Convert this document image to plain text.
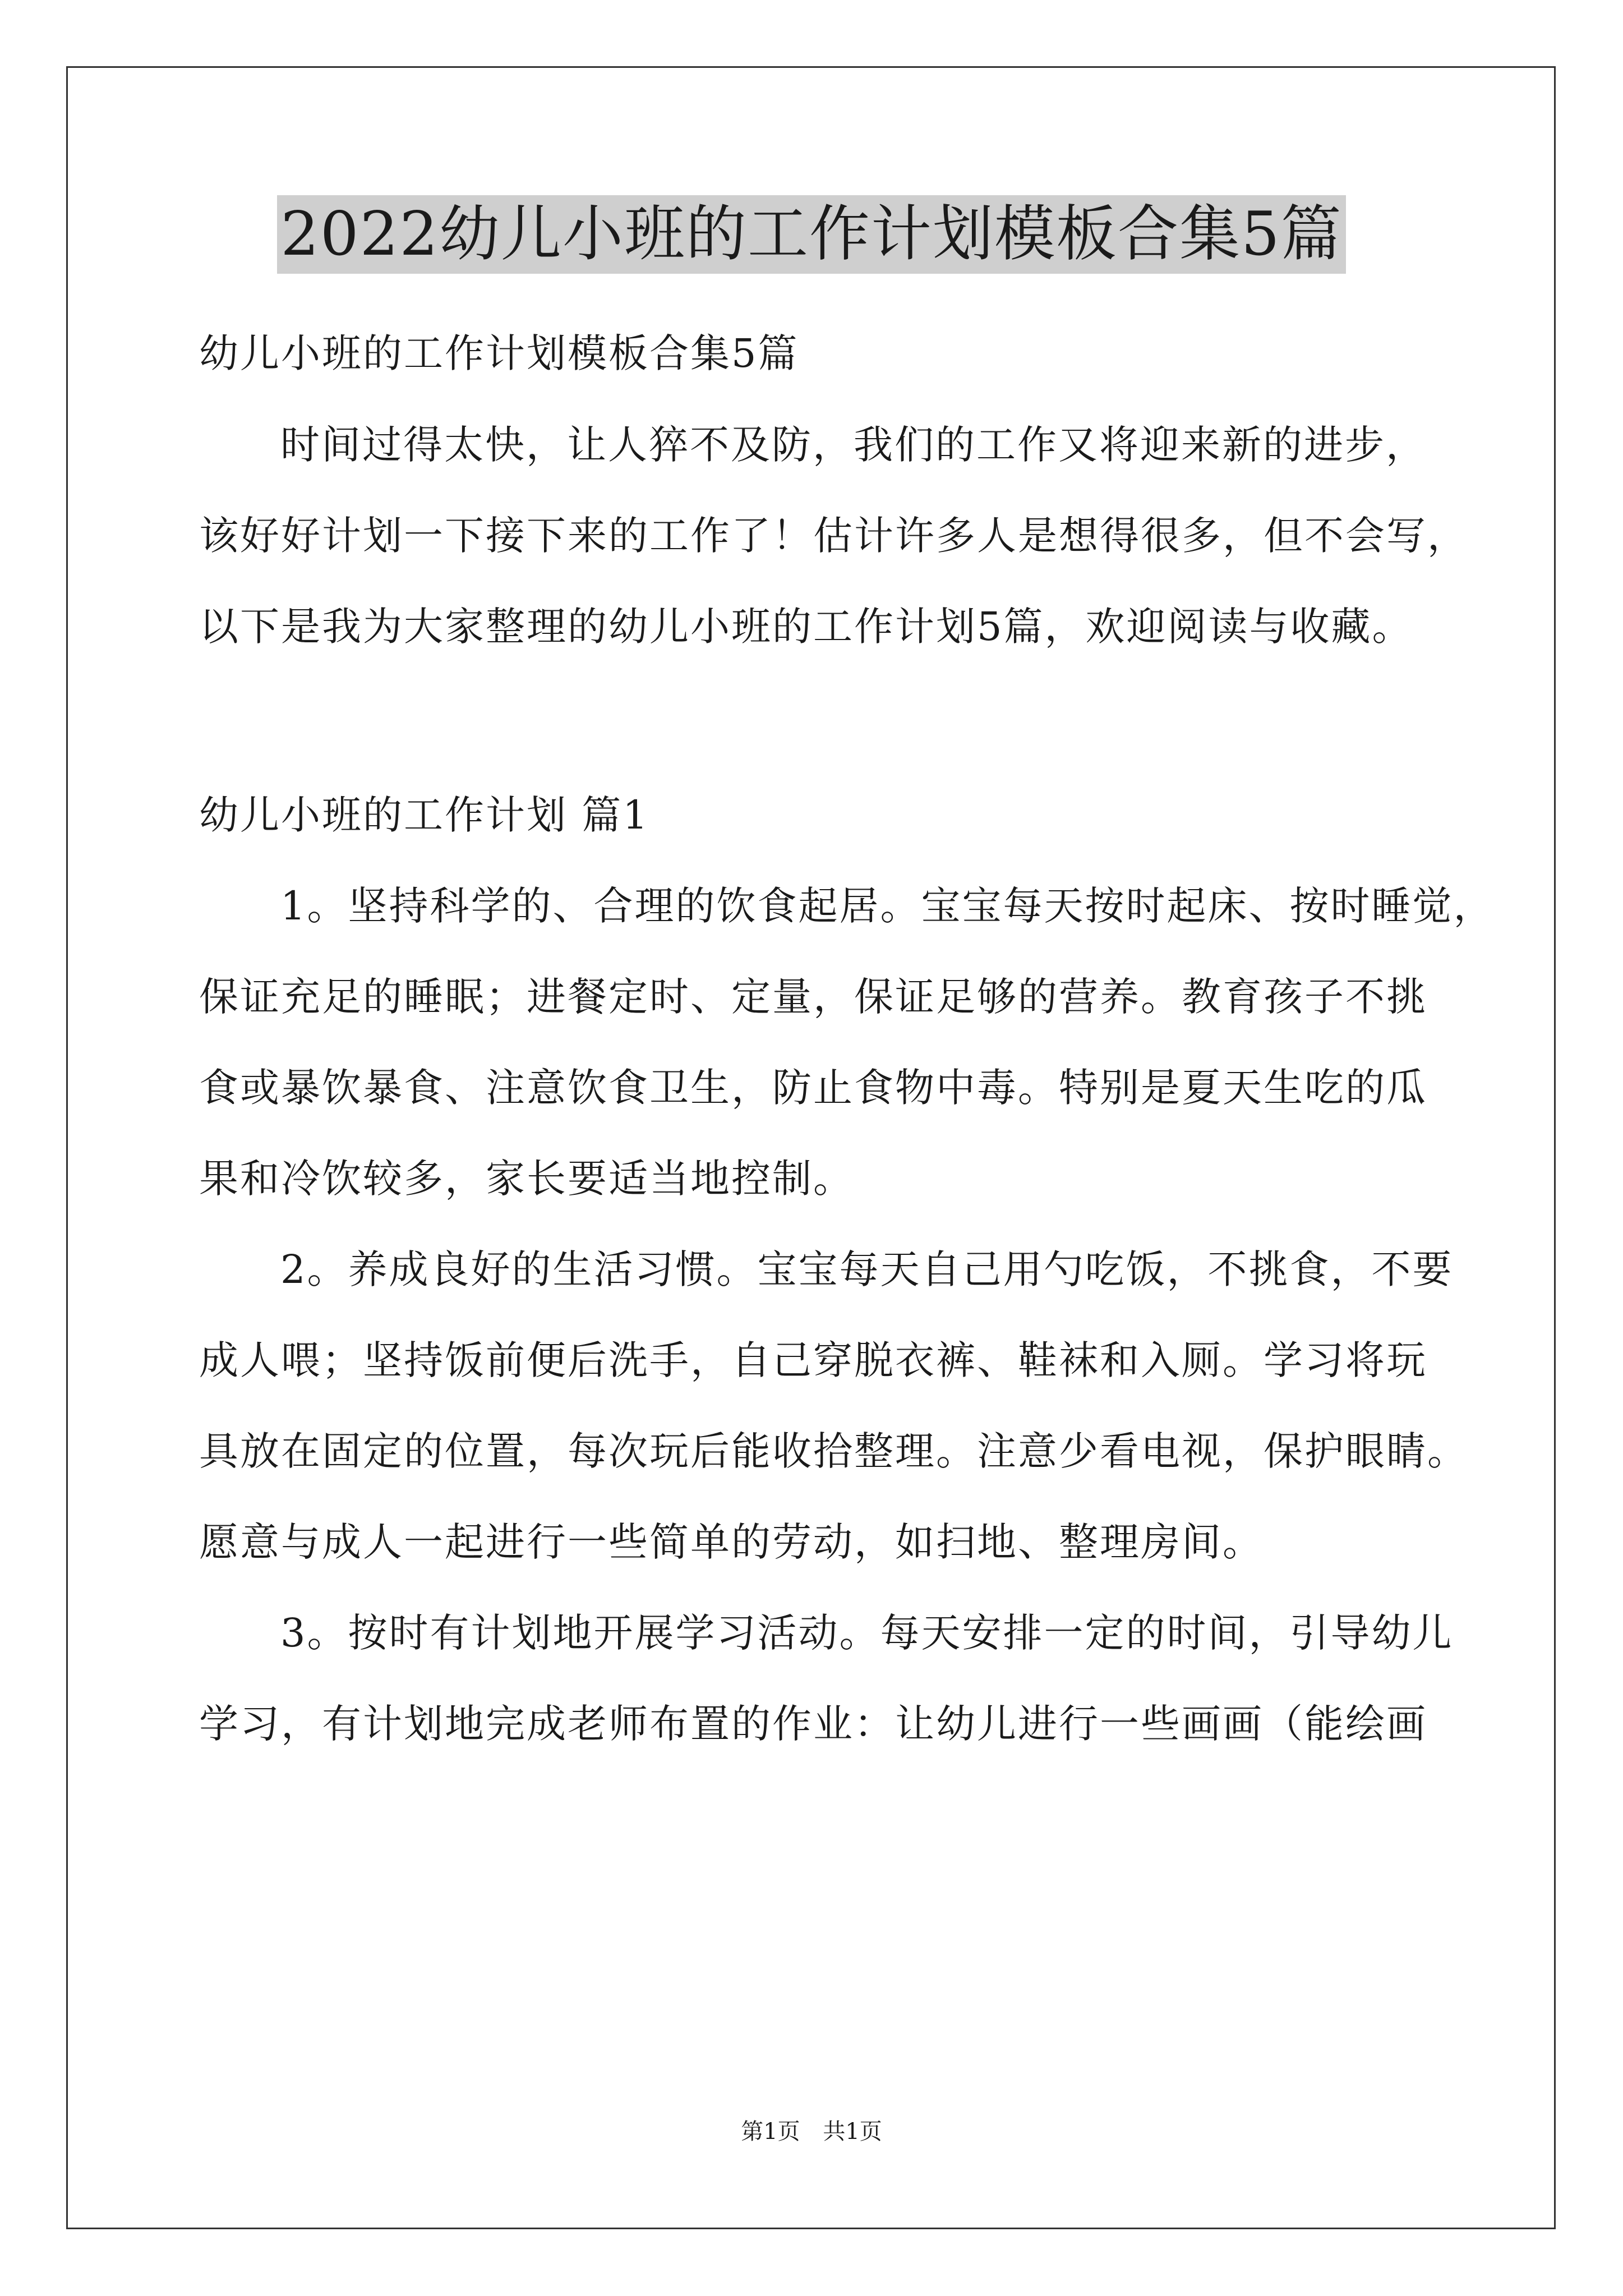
2022幼儿小班的工作计划模板合集5篇

幼儿小班的工作计划模板合集5篇

时间过得太快，让人猝不及防，我们的工作又将迎来新的进步，

该好好计划一下接下来的工作了！估计许多人是想得很多，但不会写，

以下是我为大家整理的幼儿小班的工作计划5篇，欢迎阅读与收藏。

幼儿小班的工作计划 篇1

1。坚持科学的、合理的饮食起居。宝宝每天按时起床、按时睡觉，

保证充足的睡眠；进餐定时、定量，保证足够的营养。教育孩子不挑

食或暴饮暴食、注意饮食卫生，防止食物中毒。特别是夏天生吃的瓜

果和冷饮较多，家长要适当地控制。

2。养成良好的生活习惯。宝宝每天自己用勺吃饭，不挑食，不要

成人喂；坚持饭前便后洗手，自己穿脱衣裤、鞋袜和入厕。学习将玩

具放在固定的位置，每次玩后能收拾整理。注意少看电视，保护眼睛。

愿意与成人一起进行一些简单的劳动，如扫地、整理房间。

3。按时有计划地开展学习活动。每天安排一定的时间，引导幼儿

学习，有计划地完成老师布置的作业：让幼儿进行一些画画（能绘画

第1页 共1页
